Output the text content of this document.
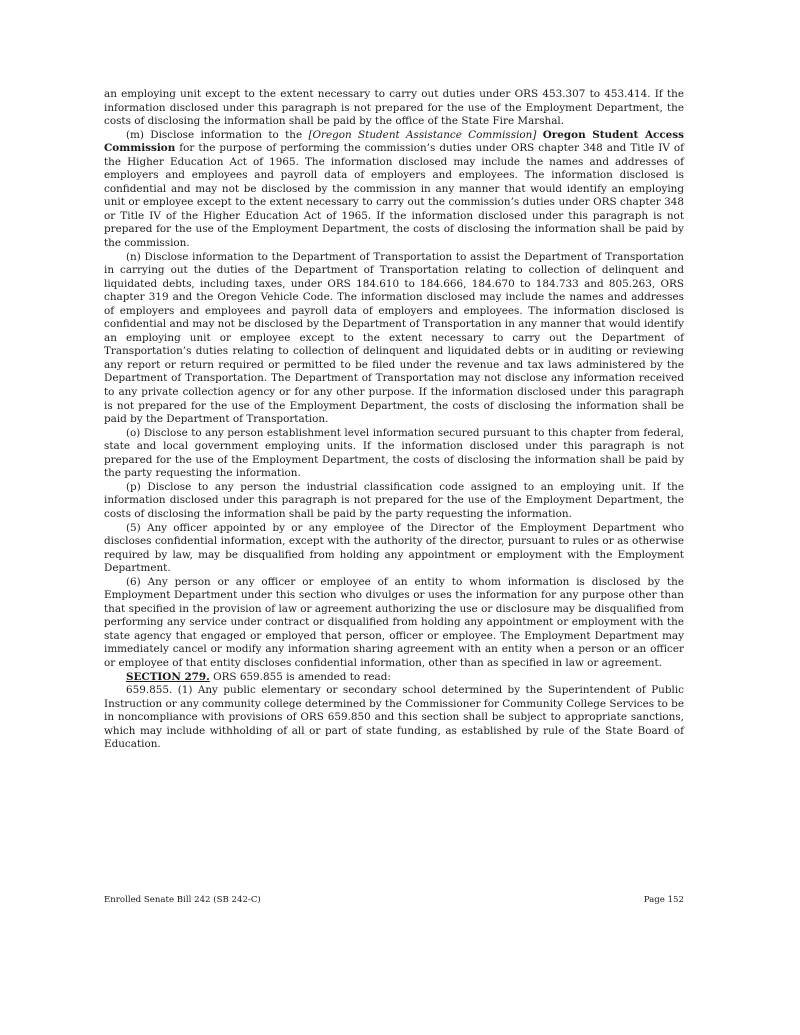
an employing unit except to the extent necessary to carry out duties under ORS 453.307 to 453.414. If the information disclosed under this paragraph is not prepared for the use of the Employment Department, the costs of disclosing the information shall be paid by the office of the State Fire Marshal.

(m) Disclose information to the [Oregon Student Assistance Commission] Oregon Student Access Commission for the purpose of performing the commission’s duties under ORS chapter 348 and Title IV of the Higher Education Act of 1965. The information disclosed may include the names and addresses of employers and employees and payroll data of employers and employees. The information disclosed is confidential and may not be disclosed by the commission in any manner that would identify an employing unit or employee except to the extent necessary to carry out the commission’s duties under ORS chapter 348 or Title IV of the Higher Education Act of 1965. If the information disclosed under this paragraph is not prepared for the use of the Employment Department, the costs of disclosing the information shall be paid by the commission.

(n) Disclose information to the Department of Transportation to assist the Department of Transportation in carrying out the duties of the Department of Transportation relating to collection of delinquent and liquidated debts, including taxes, under ORS 184.610 to 184.666, 184.670 to 184.733 and 805.263, ORS chapter 319 and the Oregon Vehicle Code. The information disclosed may include the names and addresses of employers and employees and payroll data of employers and employees. The information disclosed is confidential and may not be disclosed by the Department of Transportation in any manner that would identify an employing unit or employee except to the extent necessary to carry out the Department of Transportation’s duties relating to collection of delinquent and liquidated debts or in auditing or reviewing any report or return required or permitted to be filed under the revenue and tax laws administered by the Department of Transportation. The Department of Transportation may not disclose any information received to any private collection agency or for any other purpose. If the information disclosed under this paragraph is not prepared for the use of the Employment Department, the costs of disclosing the information shall be paid by the Department of Transportation.

(o) Disclose to any person establishment level information secured pursuant to this chapter from federal, state and local government employing units. If the information disclosed under this paragraph is not prepared for the use of the Employment Department, the costs of disclosing the information shall be paid by the party requesting the information.

(p) Disclose to any person the industrial classification code assigned to an employing unit. If the information disclosed under this paragraph is not prepared for the use of the Employment Department, the costs of disclosing the information shall be paid by the party requesting the information.

(5) Any officer appointed by or any employee of the Director of the Employment Department who discloses confidential information, except with the authority of the director, pursuant to rules or as otherwise required by law, may be disqualified from holding any appointment or employment with the Employment Department.

(6) Any person or any officer or employee of an entity to whom information is disclosed by the Employment Department under this section who divulges or uses the information for any purpose other than that specified in the provision of law or agreement authorizing the use or disclosure may be disqualified from performing any service under contract or disqualified from holding any appointment or employment with the state agency that engaged or employed that person, officer or employee. The Employment Department may immediately cancel or modify any information sharing agreement with an entity when a person or an officer or employee of that entity discloses confidential information, other than as specified in law or agreement.

SECTION 279. ORS 659.855 is amended to read:

659.855. (1) Any public elementary or secondary school determined by the Superintendent of Public Instruction or any community college determined by the Commissioner for Community College Services to be in noncompliance with provisions of ORS 659.850 and this section shall be subject to appropriate sanctions, which may include withholding of all or part of state funding, as established by rule of the State Board of Education.

Enrolled Senate Bill 242 (SB 242-C)	Page 152
